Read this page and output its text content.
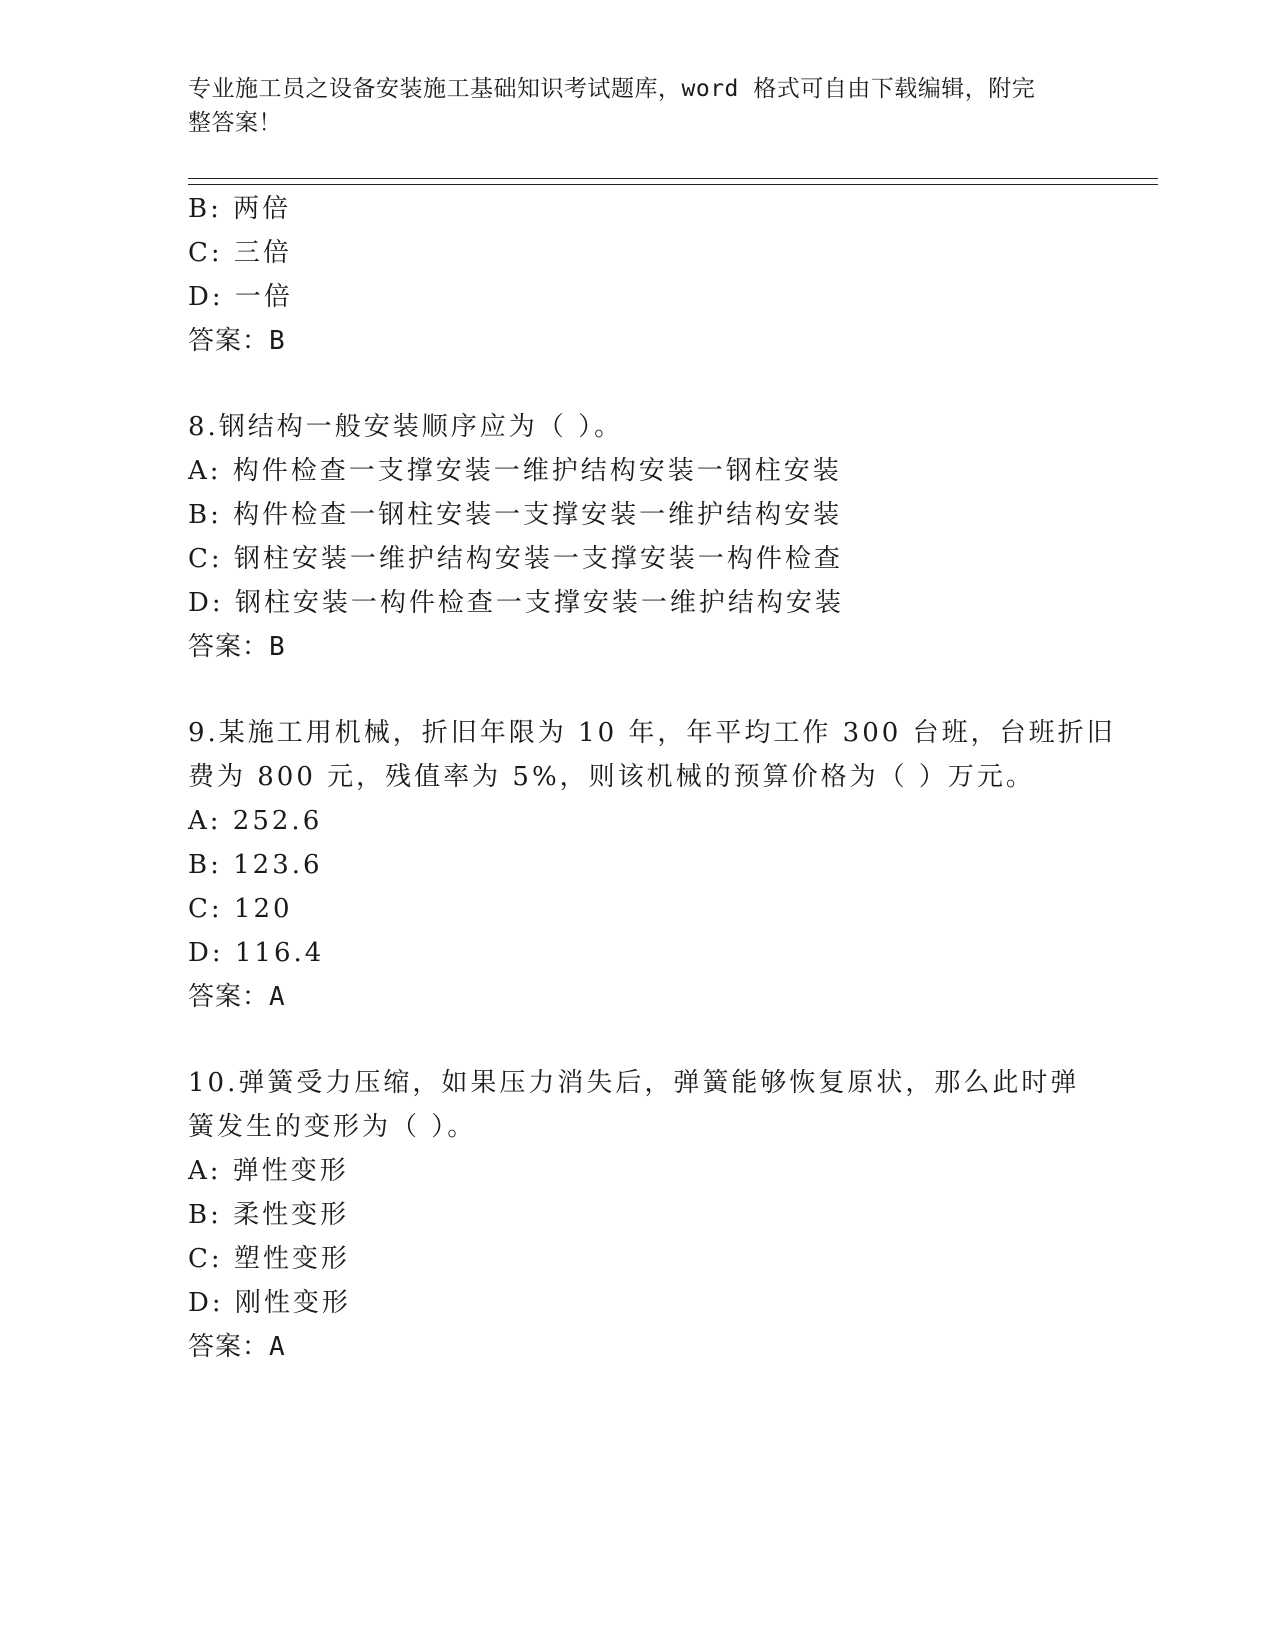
专业施工员之设备安装施工基础知识考试题库，word 格式可自由下载编辑，附完
整答案！
B: 两倍
C: 三倍
D: 一倍
答案：B
8.钢结构一般安装顺序应为（ ）。
A: 构件检查一支撑安装一维护结构安装一钢柱安装
B: 构件检查一钢柱安装一支撑安装一维护结构安装
C: 钢柱安装一维护结构安装一支撑安装一构件检查
D: 钢柱安装一构件检查一支撑安装一维护结构安装
答案：B
9.某施工用机械，折旧年限为 10 年，年平均工作 300 台班，台班折旧
费为 800 元，残值率为 5%，则该机械的预算价格为（ ）万元。
A: 252.6
B: 123.6
C: 120
D: 116.4
答案：A
10.弹簧受力压缩，如果压力消失后，弹簧能够恢复原状，那么此时弹
簧发生的变形为（ ）。
A: 弹性变形
B: 柔性变形
C: 塑性变形
D: 刚性变形
答案：A
